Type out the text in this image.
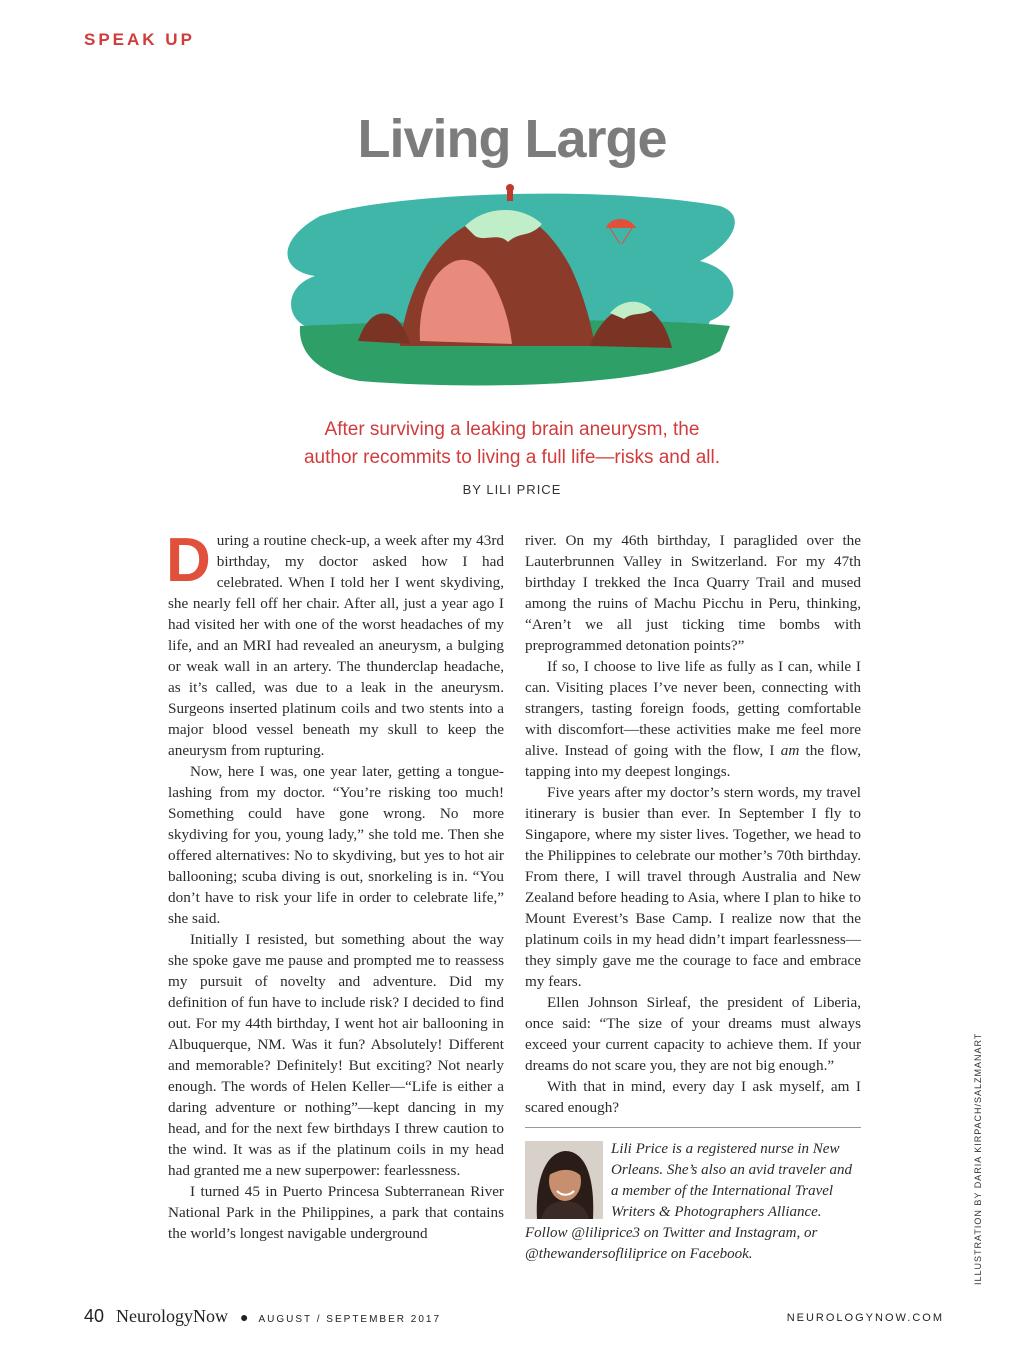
SPEAK UP
Living Large
After surviving a leaking brain aneurysm, the
author recommits to living a full life—risks and all.
BY LILI PRICE

During a routine check-up, a week after my 43rd birthday, my doctor asked how I had celebrated. When I told her I went skydiving, she nearly fell off her chair. After all, just a year ago I had visited her with one of the worst headaches of my life, and an MRI had revealed an aneurysm, a bulging or weak wall in an artery. The thunderclap headache, as it’s called, was due to a leak in the aneurysm. Surgeons inserted platinum coils and two stents into a major blood vessel beneath my skull to keep the aneurysm from rupturing.

Now, here I was, one year later, getting a tongue-lashing from my doctor. “You’re risking too much! Something could have gone wrong. No more skydiving for you, young lady,” she told me. Then she offered alternatives: No to skydiving, but yes to hot air ballooning; scuba diving is out, snorkeling is in. “You don’t have to risk your life in order to celebrate life,” she said.

Initially I resisted, but something about the way she spoke gave me pause and prompted me to reassess my pursuit of novelty and adventure. Did my definition of fun have to include risk? I decided to find out. For my 44th birthday, I went hot air ballooning in Albuquerque, NM. Was it fun? Absolutely! Different and memorable? Definitely! But exciting? Not nearly enough. The words of Helen Keller—“Life is either a daring adventure or nothing”—kept dancing in my head, and for the next few birthdays I threw caution to the wind. It was as if the platinum coils in my head had granted me a new superpower: fearlessness.

I turned 45 in Puerto Princesa Subterranean River National Park in the Philippines, a park that contains the world’s longest navigable underground

river. On my 46th birthday, I paraglided over the Lauterbrunnen Valley in Switzerland. For my 47th birthday I trekked the Inca Quarry Trail and mused among the ruins of Machu Picchu in Peru, thinking, “Aren’t we all just ticking time bombs with preprogrammed detonation points?”

If so, I choose to live life as fully as I can, while I can. Visiting places I’ve never been, connecting with strangers, tasting foreign foods, getting comfortable with discomfort—these activities make me feel more alive. Instead of going with the flow, I am the flow, tapping into my deepest longings.

Five years after my doctor’s stern words, my travel itinerary is busier than ever. In September I fly to Singapore, where my sister lives. Together, we head to the Philippines to celebrate our mother’s 70th birthday. From there, I will travel through Australia and New Zealand before heading to Asia, where I plan to hike to Mount Everest’s Base Camp. I realize now that the platinum coils in my head didn’t impart fearlessness—they simply gave me the courage to face and embrace my fears.

Ellen Johnson Sirleaf, the president of Liberia, once said: “The size of your dreams must always exceed your current capacity to achieve them. If your dreams do not scare you, they are not big enough.”

With that in mind, every day I ask myself, am I scared enough?

Lili Price is a registered nurse in New Orleans. She’s also an avid traveler and a member of the International Travel Writers & Photographers Alliance. Follow @liliprice3 on Twitter and Instagram, or @thewandersofliliprice on Facebook.	ILLUSTRATION BY DARIA KIRPACH/SALZMANART
40 NeurologyNow ● AUGUST / SEPTEMBER 2017	NEUROLOGYNOW.COM
